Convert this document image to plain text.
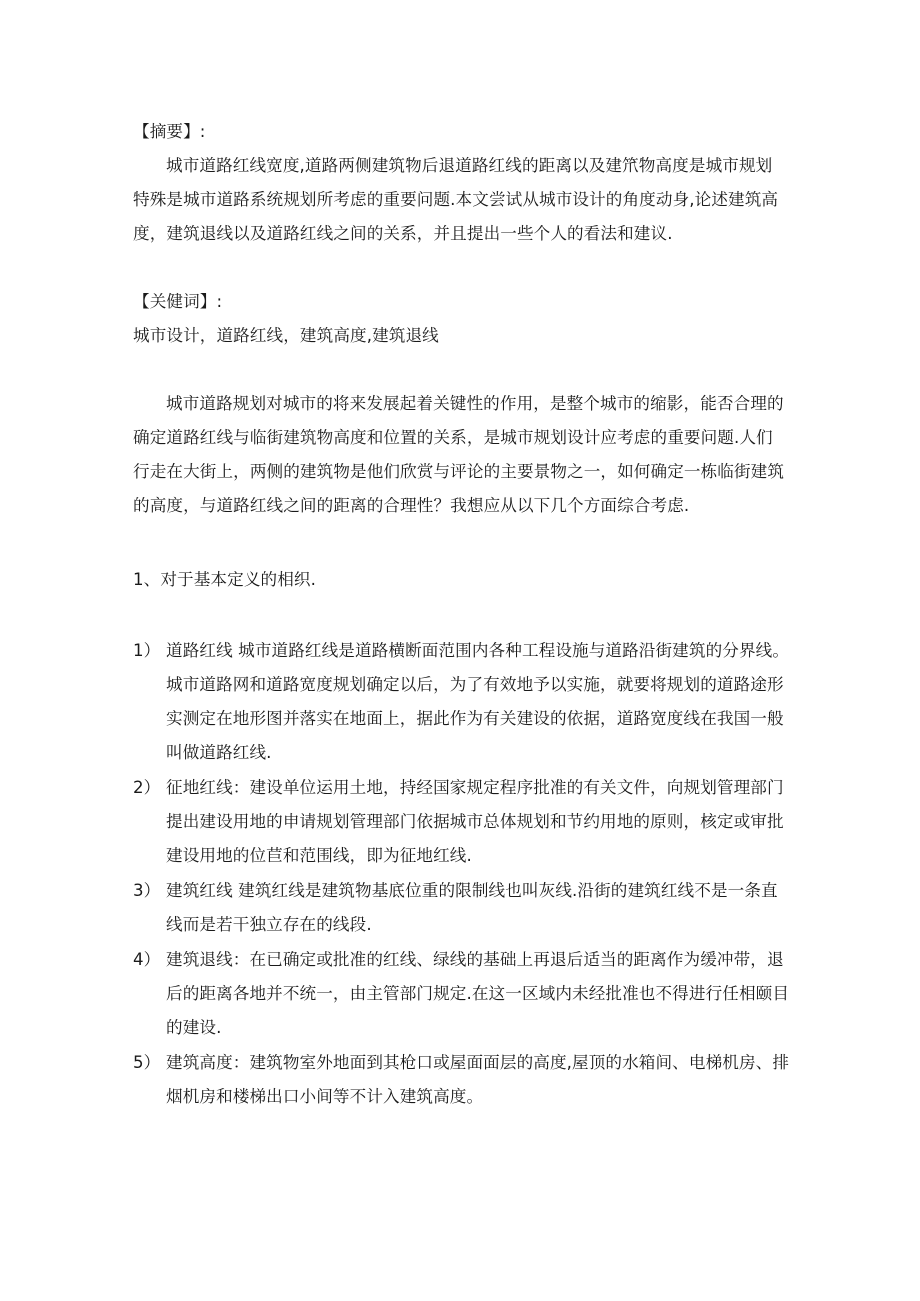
【摘要】:
城市道路红线宽度,道路两侧建筑物后退道路红线的距离以及建笊物高度是城市规划
特殊是城市道路系统规划所考虑的重要问题.本文尝试从城市设计的角度动身,论述建筑高
度，建筑退线以及道路红线之间的关系，并且提出一些个人的看法和建议.
【关健词】:
城市设计，道路红线，建筑高度,建筑退线
城市道路规划对城市的将来发展起着关键性的作用，是整个城市的缩影，能否合理的
确定道路红线与临街建筑物高度和位置的关系，是城市规划设计应考虑的重要问题.人们
行走在大街上，两侧的建筑物是他们欣赏与评论的主要景物之一，如何确定一栋临街建筑
的高度，与道路红线之间的距离的合理性？我想应从以下几个方面综合考虑.
1、对于基本定义的相织.
1） 道路红线 城市道路红线是道路横断面范围内各种工程设施与道路沿街建筑的分界线。
城市道路网和道路宽度规划确定以后，为了有效地予以实施，就要将规划的道路途形
实测定在地形图并落实在地面上，据此作为有关建设的依据，道路宽度线在我国一般
叫做道路红线.
2） 征地红线：建设单位运用土地，持经国家规定程序批准的有关文件，向规划管理部门
提出建设用地的申请规划管理部门依据城市总体规划和节约用地的原则，核定或审批
建设用地的位苣和范围线，即为征地红线.
3） 建筑红线 建筑红线是建筑物基底位重的限制线也叫灰线.沿街的建筑红线不是一条直
线而是若干独立存在的线段.
4） 建筑退线：在已确定或批准的红线、绿线的基础上再退后适当的距离作为缓冲带，退
后的距离各地并不统一，由主管部门规定.在这一区域内未经批准也不得进行任相颐目
的建设.
5） 建筑高度：建筑物室外地面到其枪口或屋面面层的高度,屋顶的水箱间、电梯机房、排
烟机房和楼梯出口小间等不计入建筑高度。
